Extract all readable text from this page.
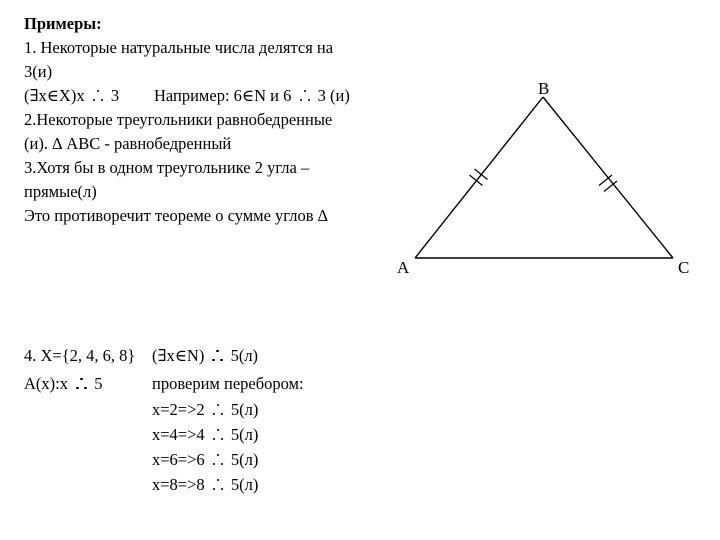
Примеры:
1. Некоторые натуральные числа делятся на
3(и)
(∃x∈X)x 3 Например: 6∈N и 6 3 (и)
2.Некоторые треугольники равнобедренные
(и). ∆ АВС - равнобедренный
3.Хотя бы в одном треугольнике 2 угла –
прямые(л)
Это противоречит теореме о сумме углов ∆
B
A	C
4. X={2, 4, 6, 8} (∃x∈N) 5(л)
A(x):x 5	проверим перебором:
x=2=>2 5(л)
x=4=>4 5(л)
x=6=>6 5(л)
x=8=>8 5(л)
